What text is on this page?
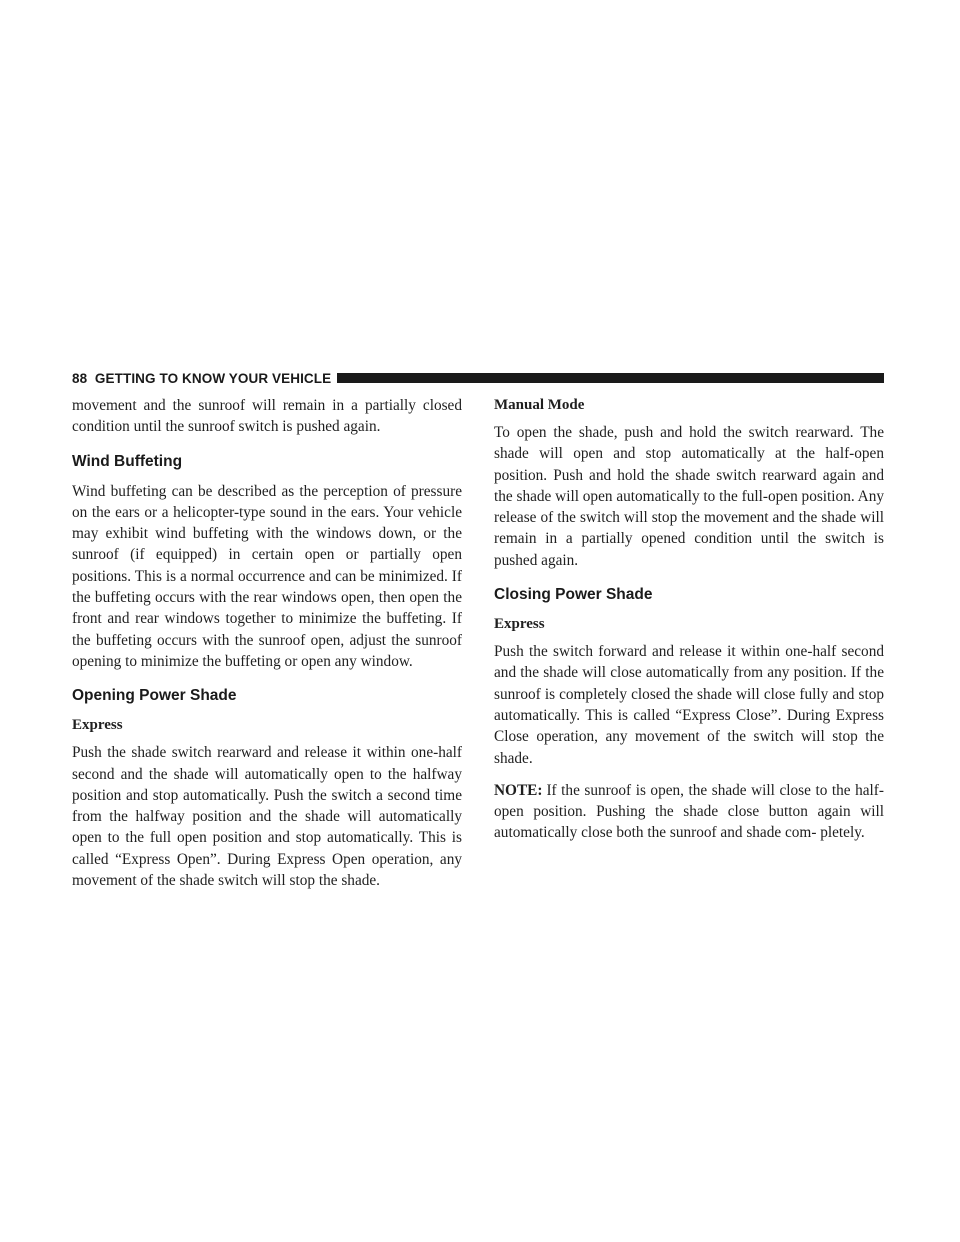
88
GETTING TO KNOW YOUR VEHICLE

movement and the sunroof will remain in a partially closed condition until the sunroof switch is pushed again.

Wind Buffeting

Wind buffeting can be described as the perception of pressure on the ears or a helicopter-type sound in the ears. Your vehicle may exhibit wind buffeting with the windows down, or the sunroof (if equipped) in certain open or partially open positions. This is a normal occurrence and can be minimized. If the buffeting occurs with the rear windows open, then open the front and rear windows together to minimize the buffeting. If the buffeting occurs with the sunroof open, adjust the sunroof opening to minimize the buffeting or open any window.

Opening Power Shade
Express

Push the shade switch rearward and release it within one-half second and the shade will automatically open to the halfway position and stop automatically. Push the switch a second time from the halfway position and the shade will automatically open to the full open position and stop automatically. This is called “Express Open”. During Express Open operation, any movement of the shade switch will stop the shade.

Manual Mode

To open the shade, push and hold the switch rearward. The shade will open and stop automatically at the half-open position. Push and hold the shade switch rearward again and the shade will open automatically to the full-open position. Any release of the switch will stop the movement and the shade will remain in a partially opened condition until the switch is pushed again.

Closing Power Shade
Express

Push the switch forward and release it within one-half second and the shade will close automatically from any position. If the sunroof is completely closed the shade will close fully and stop automatically. This is called “Express Close”. During Express Close operation, any movement of the switch will stop the shade.

NOTE: If the sunroof is open, the shade will close to the half-open position. Pushing the shade close button again will automatically close both the sunroof and shade com- pletely.
